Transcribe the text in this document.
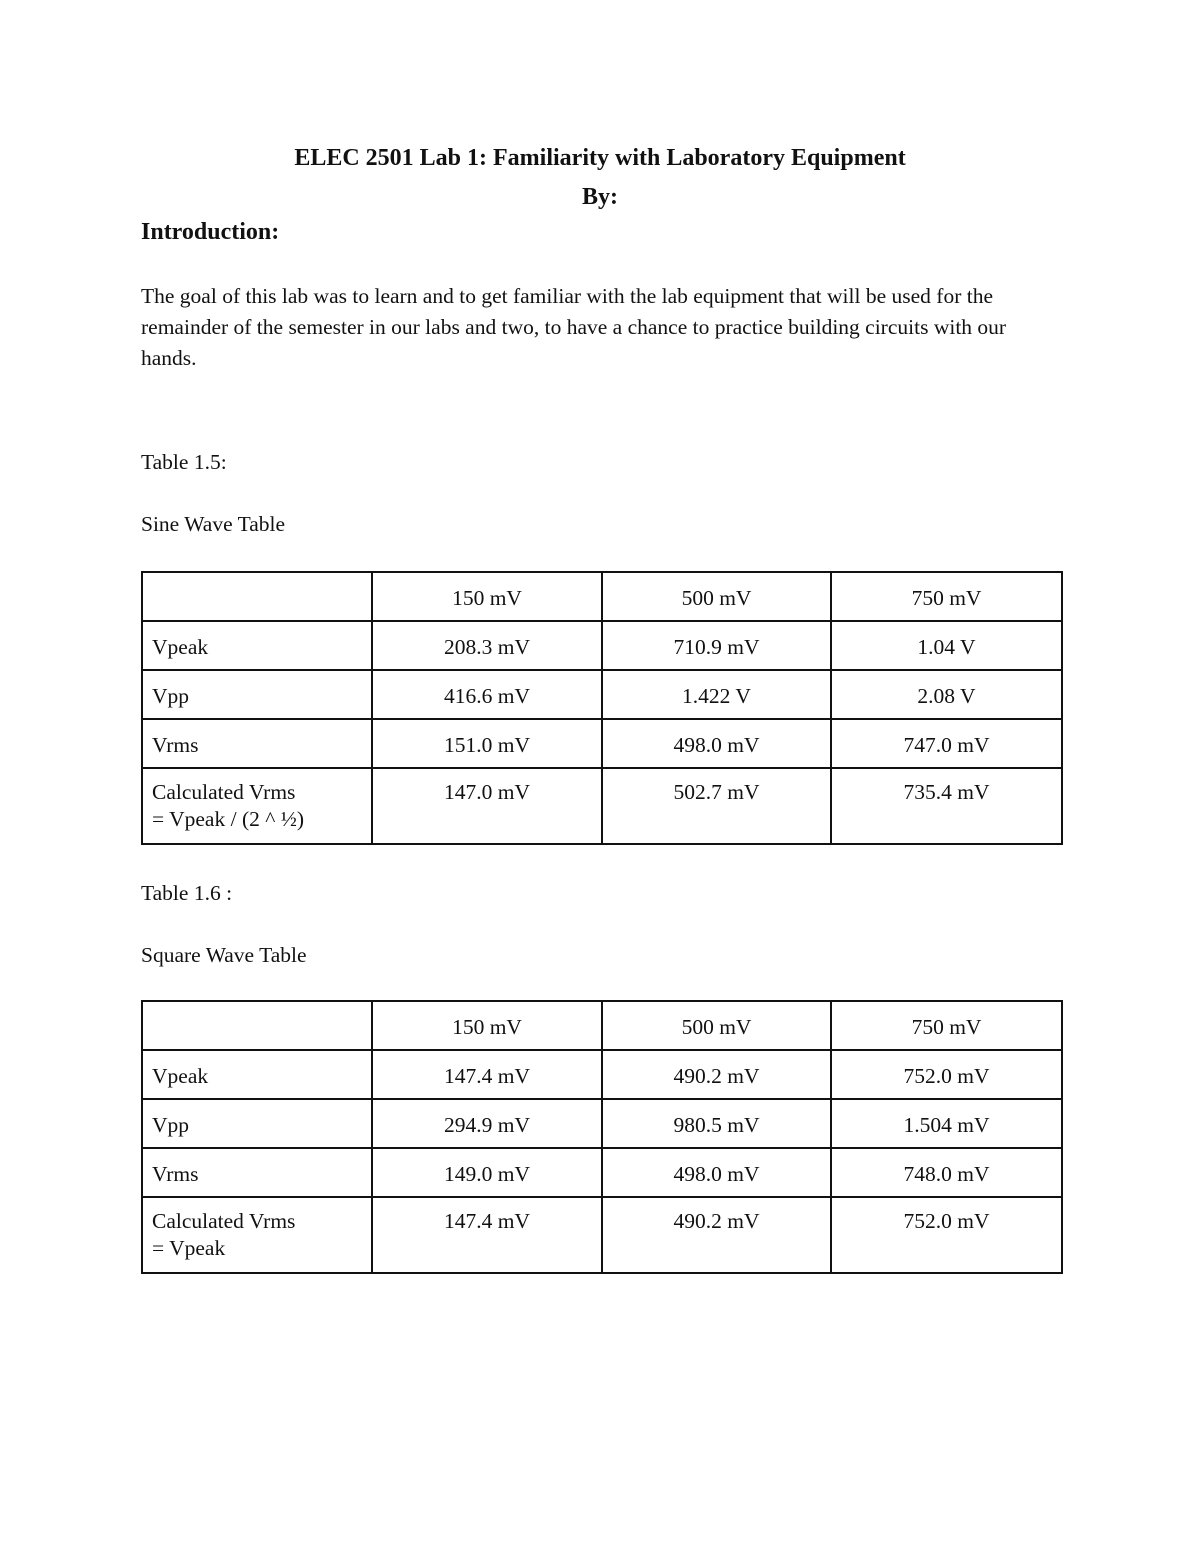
ELEC 2501 Lab 1: Familiarity with Laboratory Equipment
By:
Introduction:

The goal of this lab was to learn and to get familiar with the lab equipment that will be used for the remainder of the semester in our labs and two, to have a chance to practice building circuits with our hands.

Table 1.5:
Sine Wave Table
	150 mV	500 mV	750 mV
Vpeak	208.3 mV	710.9 mV	1.04 V
Vpp	416.6 mV	1.422 V	2.08 V
Vrms	151.0 mV	498.0 mV	747.0 mV

Calculated Vrms
= Vpeak / (2 ^ ½)	147.0 mV	502.7 mV	735.4 mV
Table 1.6 :
Square Wave Table
	150 mV	500 mV	750 mV
Vpeak	147.4 mV	490.2 mV	752.0 mV
Vpp	294.9 mV	980.5 mV	1.504 mV
Vrms	149.0 mV	498.0 mV	748.0 mV

Calculated Vrms
= Vpeak	147.4 mV	490.2 mV	752.0 mV
